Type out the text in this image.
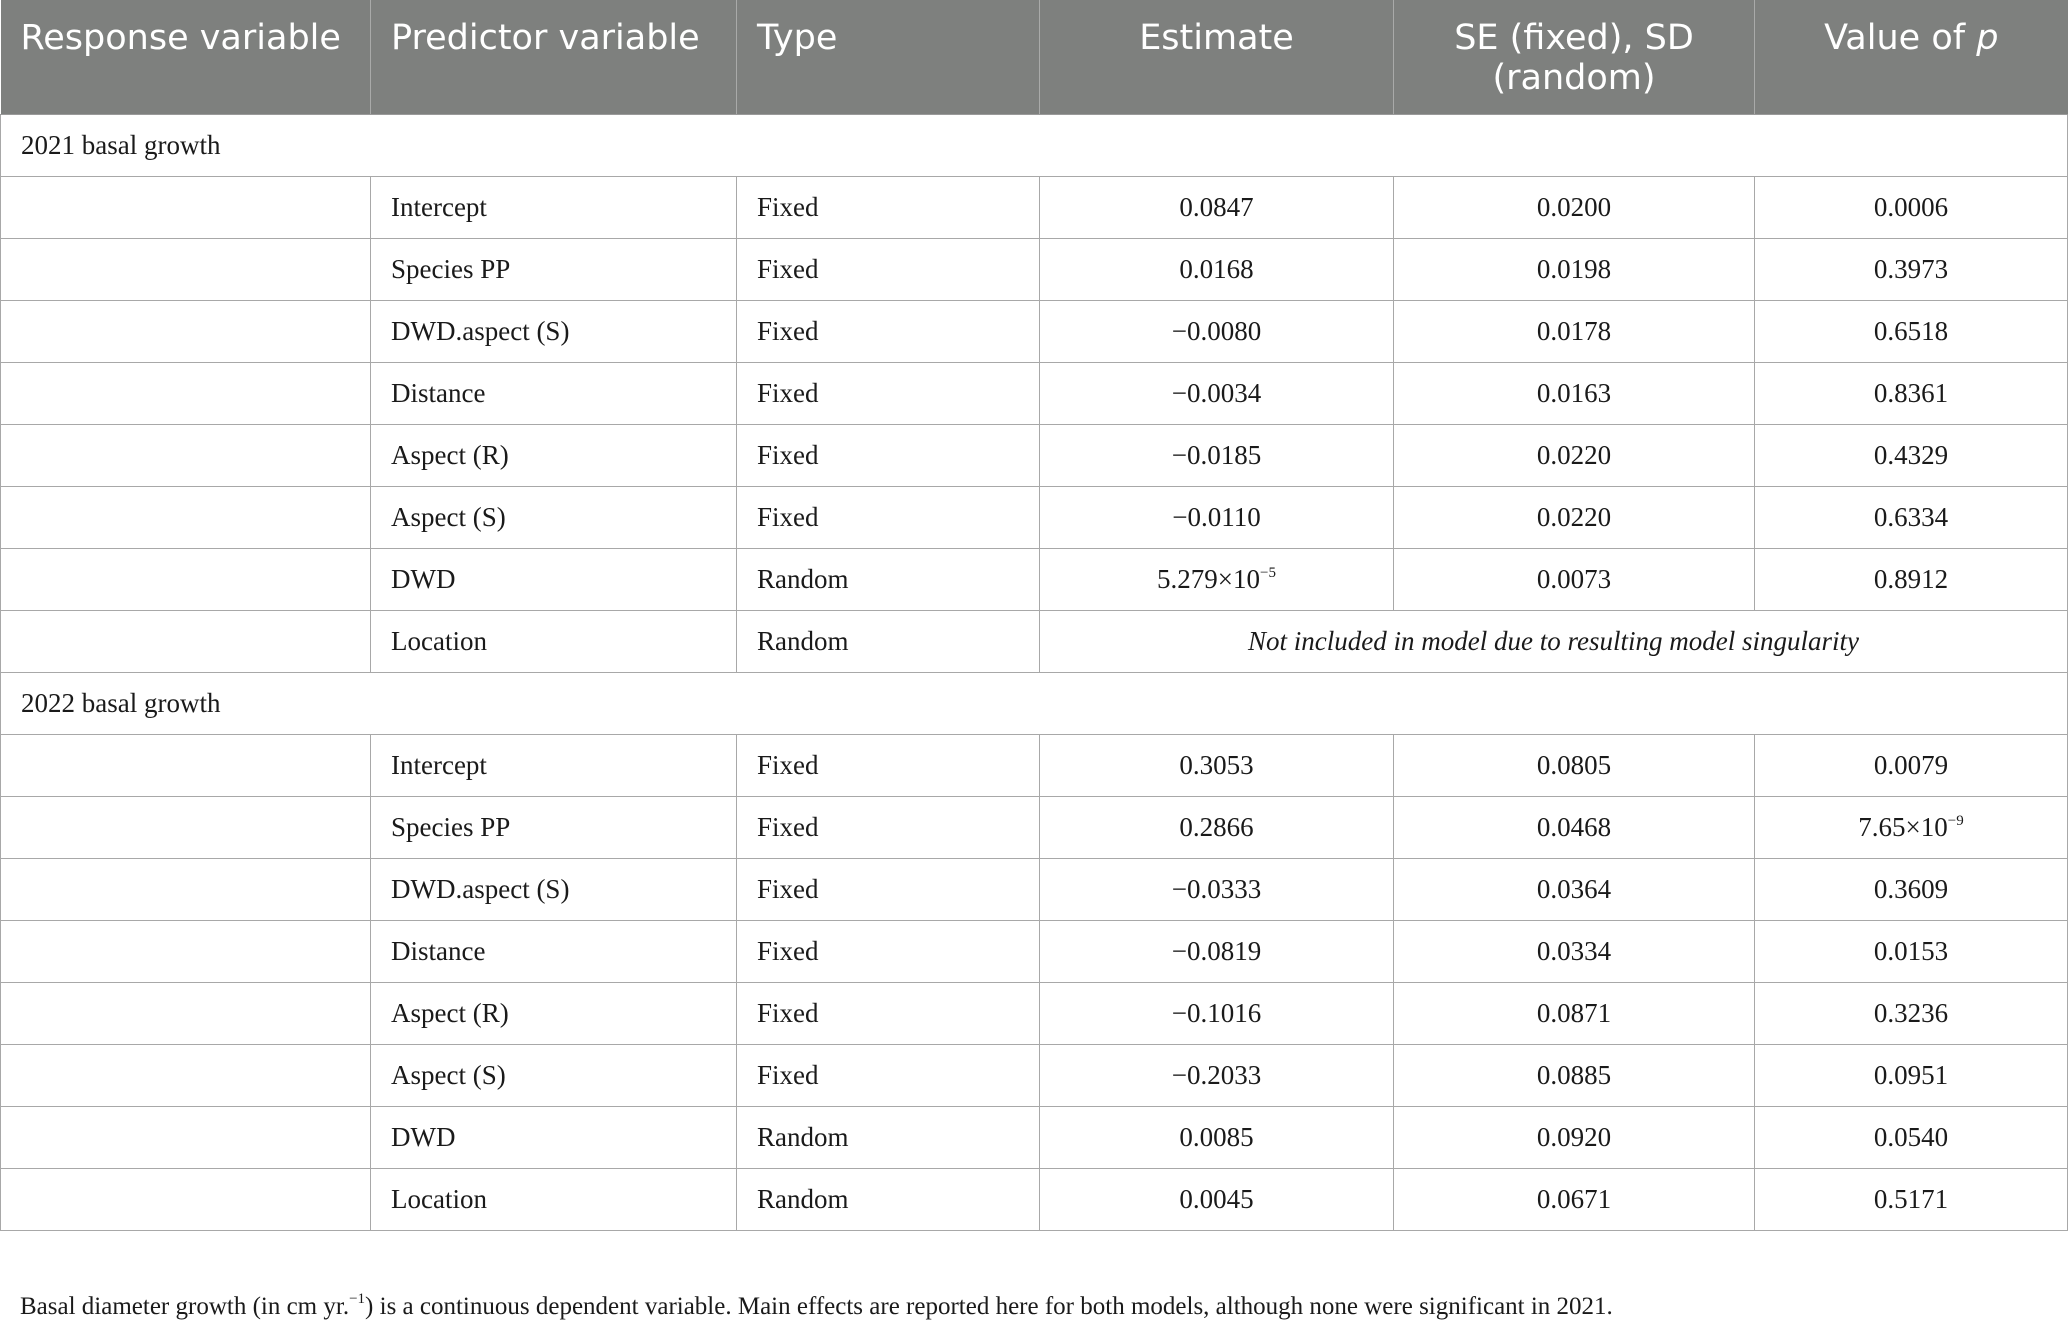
Response variable	Predictor variable	Type	Estimate	SE (fixed), SD (random)	Value of p
2021 basal growth					
	Intercept	Fixed	0.0847	0.0200	0.0006
	Species PP	Fixed	0.0168	0.0198	0.3973
	DWD.aspect (S)	Fixed	−0.0080	0.0178	0.6518
	Distance	Fixed	−0.0034	0.0163	0.8361
	Aspect (R)	Fixed	−0.0185	0.0220	0.4329
	Aspect (S)	Fixed	−0.0110	0.0220	0.6334
	DWD	Random	$5.279\times 10^{-5}$	0.0073	0.8912
	Location	Random	Not included in model due to resulting model singularity		
2022 basal growth					
	Intercept	Fixed	0.3053	0.0805	0.0079
	Species PP	Fixed	0.2866	0.0468	$7.65\times 10^{-9}$
	DWD.aspect (S)	Fixed	−0.0333	0.0364	0.3609
	Distance	Fixed	−0.0819	0.0334	0.0153
	Aspect (R)	Fixed	−0.1016	0.0871	0.3236
	Aspect (S)	Fixed	−0.2033	0.0885	0.0951
	DWD	Random	0.0085	0.0920	0.0540
	Location	Random	0.0045	0.0671	0.5171
Basal diameter growth (in cm yr.$^{-1}$) is a continuous dependent variable. Main effects are reported here for both models, although none were significant in 2021.
